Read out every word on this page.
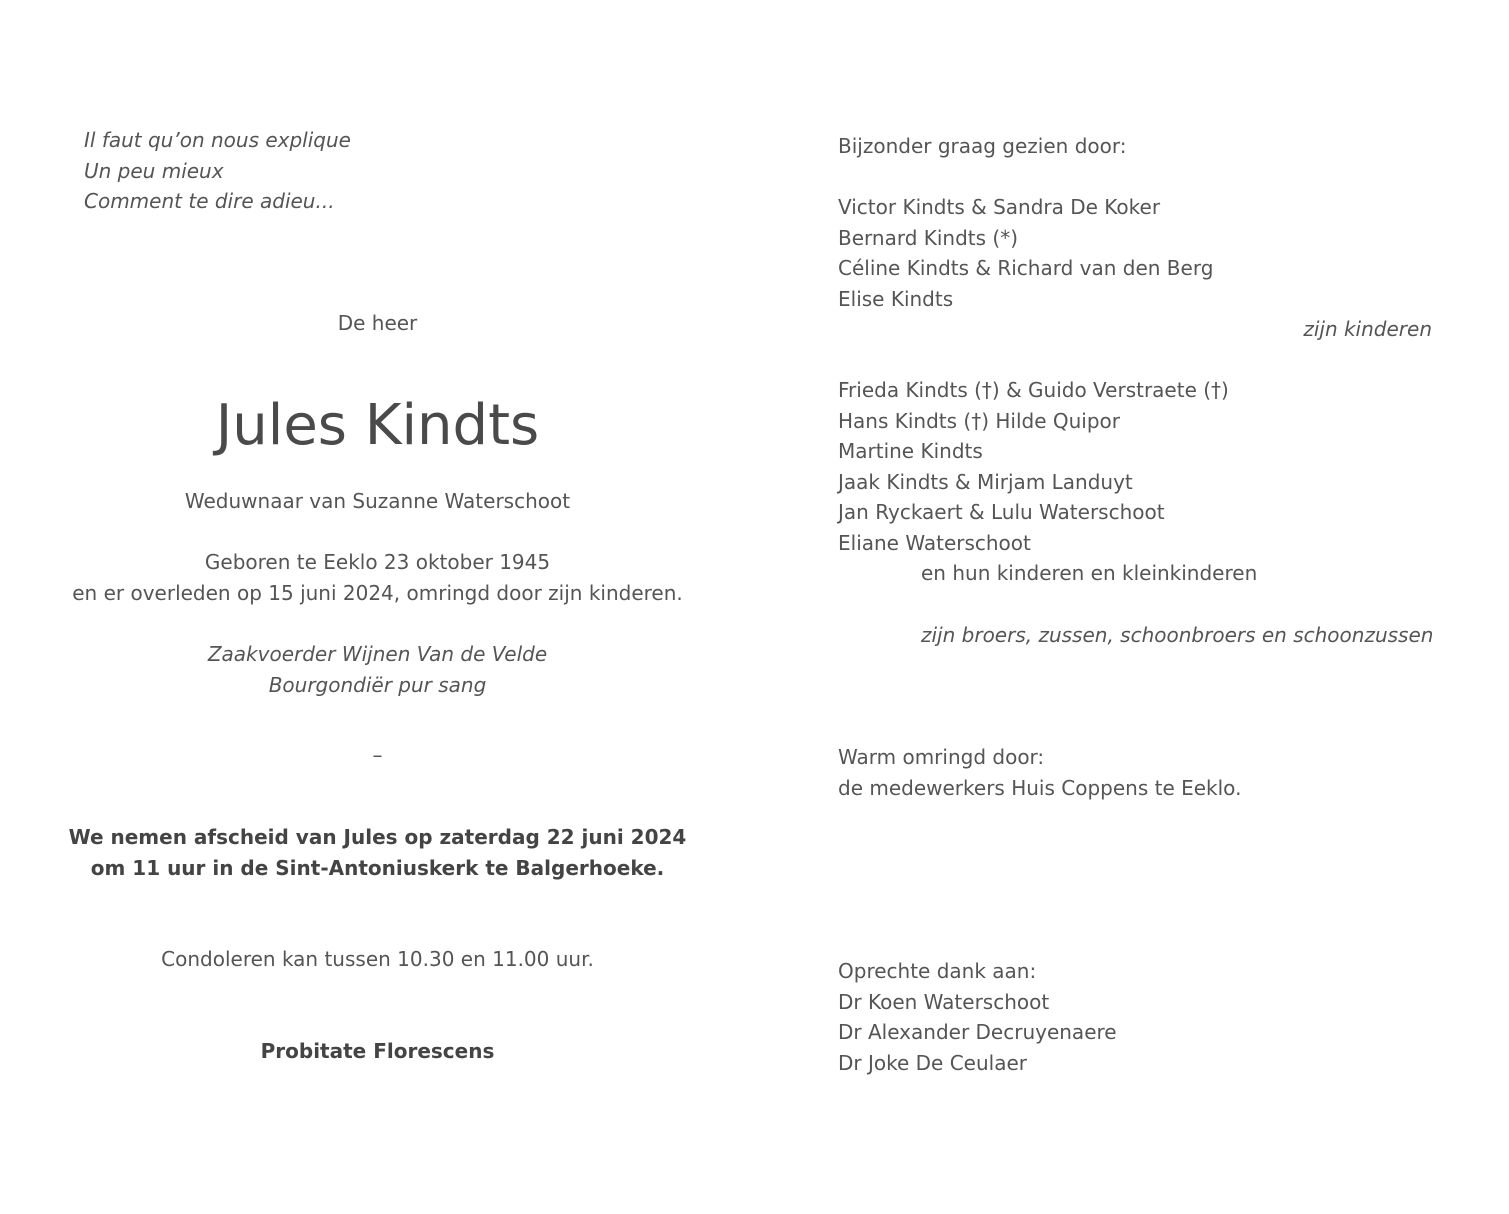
Il faut qu’on nous explique
Un peu mieux
Comment te dire adieu...
De heer
Jules Kindts
Weduwnaar van Suzanne Waterschoot
Geboren te Eeklo 23 oktober 1945
en er overleden op 15 juni 2024, omringd door zijn kinderen.
Zaakvoerder Wijnen Van de Velde
Bourgondiër pur sang
–
We nemen afscheid van Jules op zaterdag 22 juni 2024
om 11 uur in de Sint-Antoniuskerk te Balgerhoeke.
Condoleren kan tussen 10.30 en 11.00 uur.
Probitate Florescens
Bijzonder graag gezien door:
Victor Kindts & Sandra De Koker
Bernard Kindts (*)
Céline Kindts & Richard van den Berg
Elise Kindts
zijn kinderen
Frieda Kindts (†) & Guido Verstraete (†)
Hans Kindts (†) Hilde Quipor
Martine Kindts
Jaak Kindts & Mirjam Landuyt
Jan Ryckaert & Lulu Waterschoot
Eliane Waterschoot
en hun kinderen en kleinkinderen
zijn broers, zussen, schoonbroers en schoonzussen
Warm omringd door:
de medewerkers Huis Coppens te Eeklo.
Oprechte dank aan:
Dr Koen Waterschoot
Dr Alexander Decruyenaere
Dr Joke De Ceulaer
